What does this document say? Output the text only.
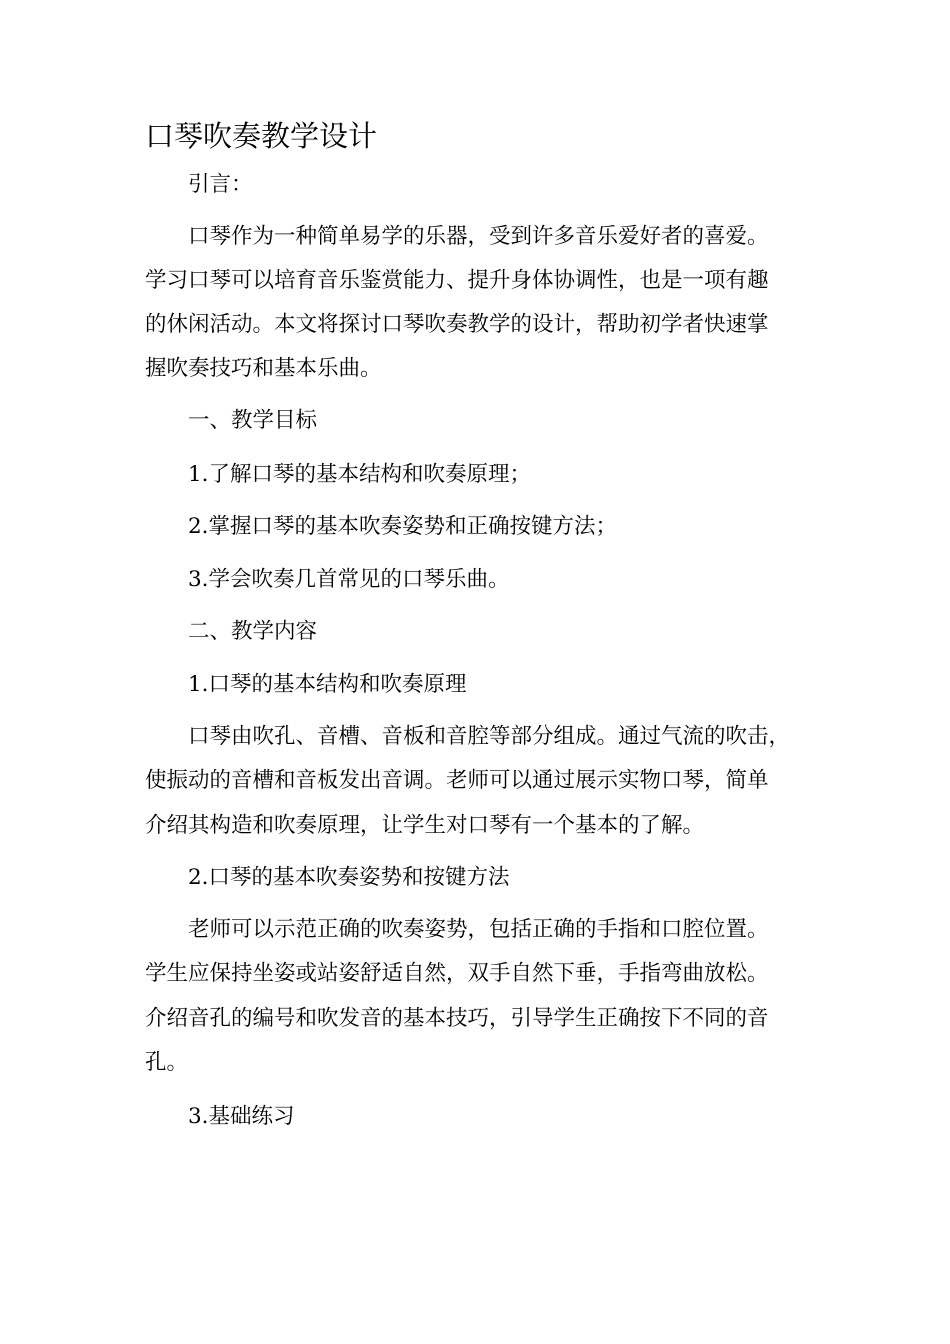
口琴吹奏教学设计

引言：

口琴作为一种简单易学的乐器，受到许多音乐爱好者的喜爱。

学习口琴可以培育音乐鉴赏能力、提升身体协调性，也是一项有趣

的休闲活动。本文将探讨口琴吹奏教学的设计，帮助初学者快速掌

握吹奏技巧和基本乐曲。

一、教学目标

1.了解口琴的基本结构和吹奏原理；

2.掌握口琴的基本吹奏姿势和正确按键方法；

3.学会吹奏几首常见的口琴乐曲。

二、教学内容

1.口琴的基本结构和吹奏原理

口琴由吹孔、音槽、音板和音腔等部分组成。通过气流的吹击，

使振动的音槽和音板发出音调。老师可以通过展示实物口琴，简单

介绍其构造和吹奏原理，让学生对口琴有一个基本的了解。

2.口琴的基本吹奏姿势和按键方法

老师可以示范正确的吹奏姿势，包括正确的手指和口腔位置。

学生应保持坐姿或站姿舒适自然，双手自然下垂，手指弯曲放松。

介绍音孔的编号和吹发音的基本技巧，引导学生正确按下不同的音

孔。

3.基础练习
